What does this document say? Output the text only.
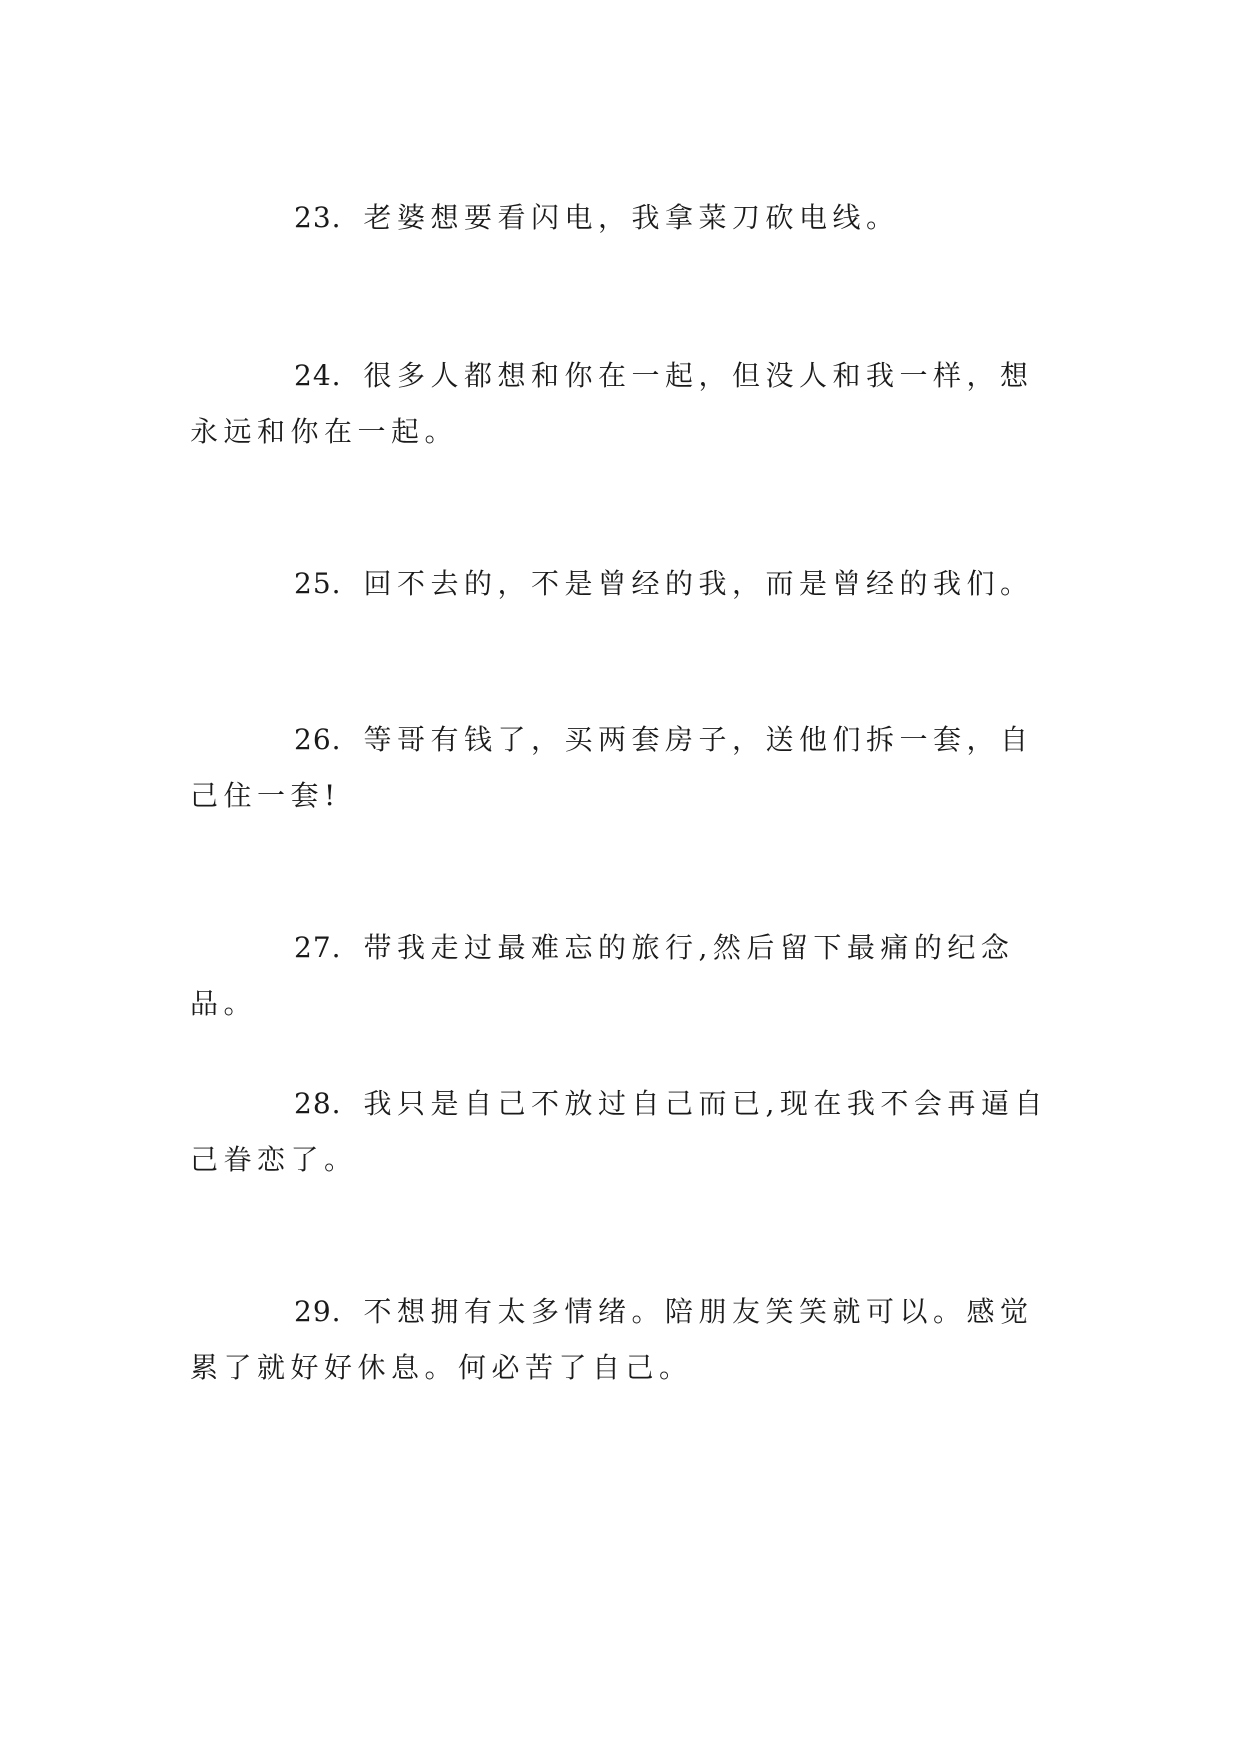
23. 老婆想要看闪电，我拿菜刀砍电线。

24. 很多人都想和你在一起，但没人和我一样，想永远和你在一起。

25. 回不去的，不是曾经的我，而是曾经的我们。

26. 等哥有钱了，买两套房子，送他们拆一套，自己住一套!

27. 带我走过最难忘的旅行,然后留下最痛的纪念品。

28. 我只是自己不放过自己而已,现在我不会再逼自己眷恋了。

29. 不想拥有太多情绪。陪朋友笑笑就可以。感觉累了就好好休息。何必苦了自己。
